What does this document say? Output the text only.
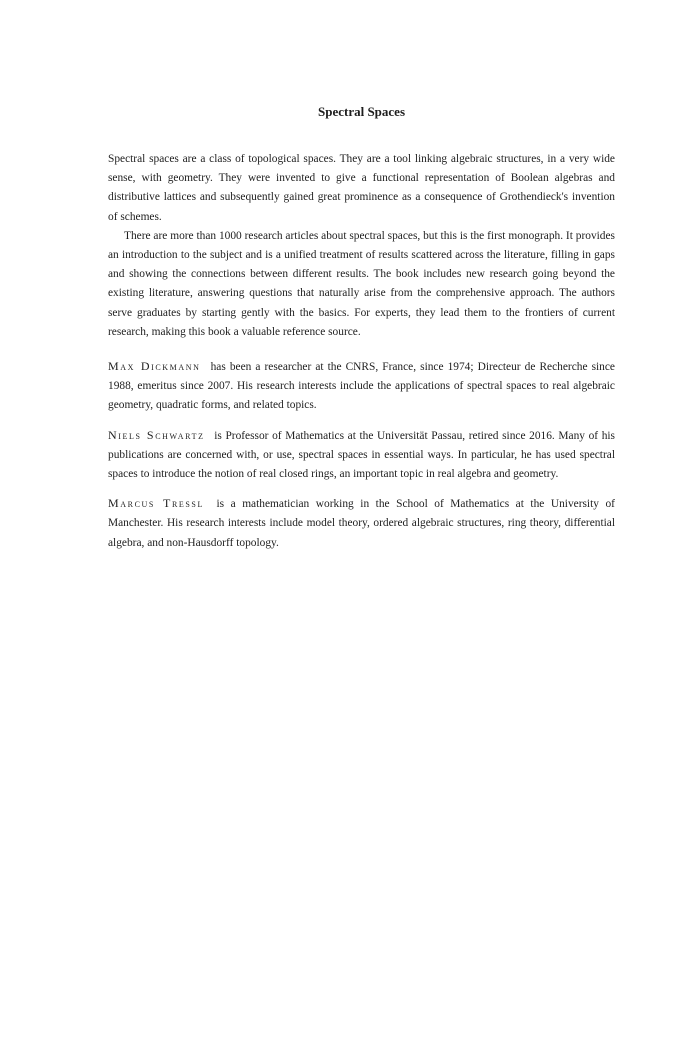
Spectral Spaces

Spectral spaces are a class of topological spaces. They are a tool linking algebraic structures, in a very wide sense, with geometry. They were invented to give a functional representation of Boolean algebras and distributive lattices and subsequently gained great prominence as a consequence of Grothendieck's invention of schemes.

There are more than 1000 research articles about spectral spaces, but this is the first monograph. It provides an introduction to the subject and is a unified treatment of results scattered across the literature, filling in gaps and showing the connections between different results. The book includes new research going beyond the existing literature, answering questions that naturally arise from the comprehensive approach. The authors serve graduates by starting gently with the basics. For experts, they lead them to the frontiers of current research, making this book a valuable reference source.

Max Dickmann has been a researcher at the CNRS, France, since 1974; Directeur de Recherche since 1988, emeritus since 2007. His research interests include the applications of spectral spaces to real algebraic geometry, quadratic forms, and related topics.

Niels Schwartz is Professor of Mathematics at the Universität Passau, retired since 2016. Many of his publications are concerned with, or use, spectral spaces in essential ways. In particular, he has used spectral spaces to introduce the notion of real closed rings, an important topic in real algebra and geometry.

Marcus Tressl is a mathematician working in the School of Mathematics at the University of Manchester. His research interests include model theory, ordered algebraic structures, ring theory, differential algebra, and non-Hausdorff topology.
